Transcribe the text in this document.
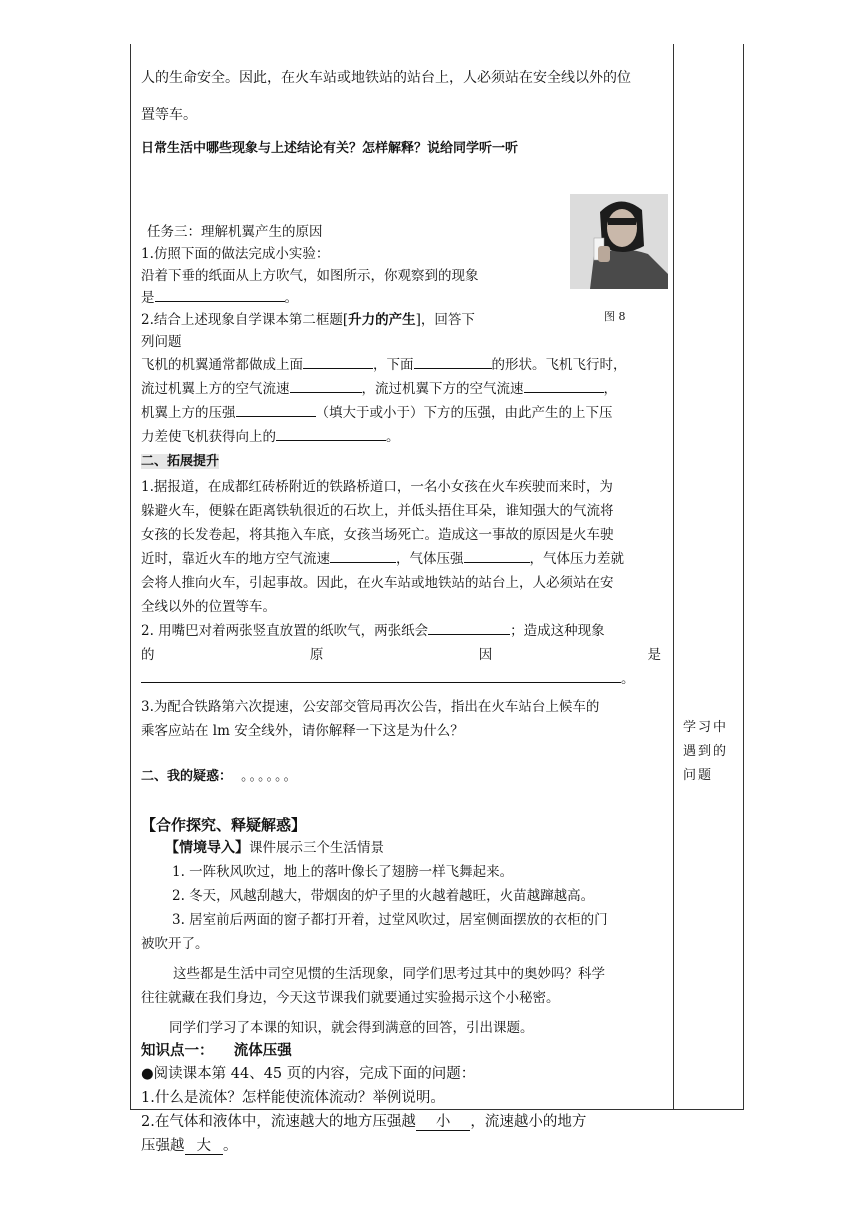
人的生命安全。因此，在火车站或地铁站的站台上，人必须站在安全线以外的位

置等车。

日常生活中哪些现象与上述结论有关？怎样解释？说给同学听一听

任务三：理解机翼产生的原因

1.仿照下面的做法完成小实验：

沿着下垂的纸面从上方吹气，如图所示，你观察到的现象

是	。

2.结合上述现象自学课本第二框题[升力的产生]，回答下

列问题

飞机的机翼通常都做成上面	，下面	的形状。飞机飞行时，

流过机翼上方的空气流速	，流过机翼下方的空气流速	，

机翼上方的压强	（填大于或小于）下方的压强，由此产生的上下压

力差使飞机获得向上的	。

二、拓展提升

1.据报道，在成都红砖桥附近的铁路桥道口，一名小女孩在火车疾驶而来时，为

躲避火车，便躲在距离铁轨很近的石坎上，并低头捂住耳朵，谁知强大的气流将

女孩的长发卷起，将其拖入车底，女孩当场死亡。造成这一事故的原因是火车驶

近时，靠近火车的地方空气流速	，气体压强	，气体压力差就

会将人推向火车，引起事故。因此，在火车站或地铁站的站台上，人必须站在安

全线以外的位置等车。

2. 用嘴巴对着两张竖直放置的纸吹气，两张纸会	；造成这种现象

的	原	因	是

。

3.为配合铁路第六次提速，公安部交管局再次公告，指出在火车站台上候车的

乘客应站在 lm 安全线外，请你解释一下这是为什么？

二、我的疑惑： 。。。。。。

【合作探究、释疑解惑】

【情境导入】课件展示三个生活情景

1. 一阵秋风吹过，地上的落叶像长了翅膀一样飞舞起来。

2. 冬天，风越刮越大，带烟囱的炉子里的火越着越旺，火苗越蹿越高。

3. 居室前后两面的窗子都打开着，过堂风吹过，居室侧面摆放的衣柜的门

被吹开了。

这些都是生活中司空见惯的生活现象，同学们思考过其中的奥妙吗？科学

往往就藏在我们身边，今天这节课我们就要通过实验揭示这个小秘密。

同学们学习了本课的知识，就会得到满意的回答，引出课题。

知识点一：    流体压强

●阅读课本第 44、45 页的内容，完成下面的问题：

1.什么是流体？怎样能使流体流动？举例说明。

2.在气体和液体中，流速越大的地方压强越 小 ，流速越小的地方

压强越 大 。

图 8
学习中遇到的问题
